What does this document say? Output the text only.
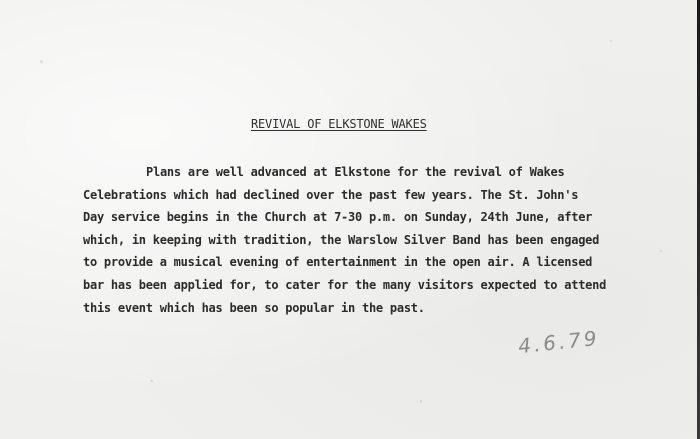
REVIVAL OF ELKSTONE WAKES
Plans are well advanced at Elkstone for the revival of Wakes
Celebrations which had declined over the past few years. The St. John's
Day service begins in the Church at 7-30 p.m. on Sunday, 24th June, after
which, in keeping with tradition, the Warslow Silver Band has been engaged
to provide a musical evening of entertainment in the open air. A licensed
bar has been applied for, to cater for the many visitors expected to attend
this event which has been so popular in the past.
4.6.79
